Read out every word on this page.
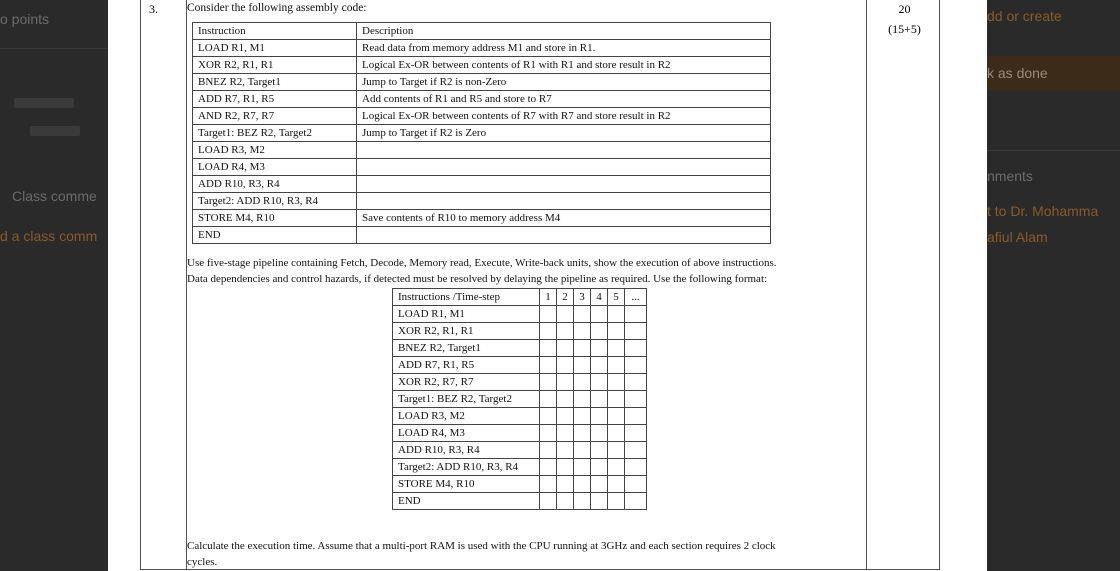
o points
Class comme
d a class comm
dd or create
k as done
nments
t to Dr. Mohamma
afiul Alam
3.	20
(15+5)
Consider the following assembly code:
Instruction	Description
LOAD R1, M1	Read data from memory address M1 and store in R1.
XOR R2, R1, R1	Logical Ex-OR between contents of R1 with R1 and store result in R2
BNEZ R2, Target1	Jump to Target if R2 is non-Zero
ADD R7, R1, R5	Add contents of R1 and R5 and store to R7
AND R2, R7, R7	Logical Ex-OR between contents of R7 with R7 and store result in R2
Target1: BEZ R2, Target2	Jump to Target if R2 is Zero
LOAD R3, M2	
LOAD R4, M3	
ADD R10, R3, R4	
Target2: ADD R10, R3, R4	
STORE M4, R10	Save contents of R10 to memory address M4
END	
Use five-stage pipeline containing Fetch, Decode, Memory read, Execute, Write-back units, show the execution of above instructions.
Data dependencies and control hazards, if detected must be resolved by delaying the pipeline as required. Use the following format:
Instructions /Time-step	1	2	3	4	5	...
LOAD R1, M1						
XOR R2, R1, R1						
BNEZ R2, Target1						
ADD R7, R1, R5						
XOR R2, R7, R7						
Target1: BEZ R2, Target2						
LOAD R3, M2						
LOAD R4, M3						
ADD R10, R3, R4						
Target2: ADD R10, R3, R4						
STORE M4, R10						
END						
Calculate the execution time. Assume that a multi-port RAM is used with the CPU running at 3GHz and each section requires 2 clock
cycles.
